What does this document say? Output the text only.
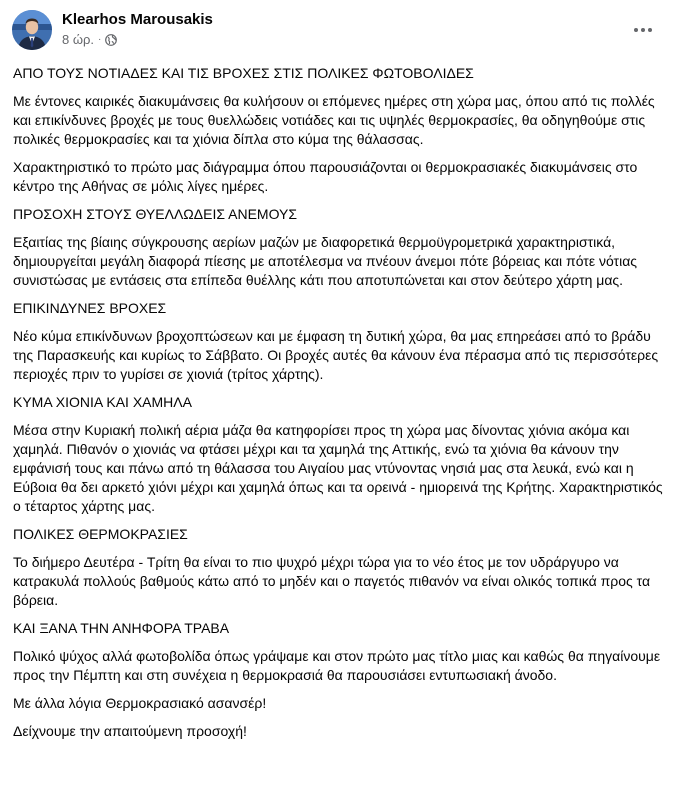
Klearhos Marousakis
8 ώρ. ·

ΑΠΟ ΤΟΥΣ ΝΟΤΙΑΔΕΣ ΚΑΙ ΤΙΣ ΒΡΟΧΕΣ ΣΤΙΣ ΠΟΛΙΚΕΣ ΦΩΤΟΒΟΛΙΔΕΣ

Με έντονες καιρικές διακυμάνσεις θα κυλήσουν οι επόμενες ημέρες στη χώρα μας, όπου από τις πολλές και επικίνδυνες βροχές με τους θυελλώδεις νοτιάδες και τις υψηλές θερμοκρασίες, θα οδηγηθούμε στις πολικές θερμοκρασίες και τα χιόνια δίπλα στο κύμα της θάλασσας.

Χαρακτηριστικό το πρώτο μας διάγραμμα όπου παρουσιάζονται οι θερμοκρασιακές διακυμάνσεις στο κέντρο της Αθήνας σε μόλις λίγες ημέρες.

ΠΡΟΣΟΧΗ ΣΤΟΥΣ ΘΥΕΛΛΩΔΕΙΣ ΑΝΕΜΟΥΣ

Εξαιτίας της βίαιης σύγκρουσης αερίων μαζών με διαφορετικά θερμοϋγρομετρικά χαρακτηριστικά, δημιουργείται μεγάλη διαφορά πίεσης με αποτέλεσμα να πνέουν άνεμοι πότε βόρειας και πότε νότιας συνιστώσας με εντάσεις στα επίπεδα θυέλλης κάτι που αποτυπώνεται και στον δεύτερο χάρτη μας.

ΕΠΙΚΙΝΔΥΝΕΣ ΒΡΟΧΕΣ

Νέο κύμα επικίνδυνων βροχοπτώσεων και με έμφαση τη δυτική χώρα, θα μας επηρεάσει από το βράδυ της Παρασκευής και κυρίως το Σάββατο. Οι βροχές αυτές θα κάνουν ένα πέρασμα από τις περισσότερες περιοχές πριν το γυρίσει σε χιονιά (τρίτος χάρτης).

ΚΥΜΑ ΧΙΟΝΙΑ ΚΑΙ ΧΑΜΗΛΑ

Μέσα στην Κυριακή πολική αέρια μάζα θα κατηφορίσει προς τη χώρα μας δίνοντας χιόνια ακόμα και χαμηλά. Πιθανόν ο χιονιάς να φτάσει μέχρι και τα χαμηλά της Αττικής, ενώ τα χιόνια θα κάνουν την εμφάνισή τους και πάνω από τη θάλασσα του Αιγαίου μας ντύνοντας νησιά μας στα λευκά, ενώ και η Εύβοια θα δει αρκετό χιόνι μέχρι και χαμηλά όπως και τα ορεινά - ημιορεινά της Κρήτης. Χαρακτηριστικός ο τέταρτος χάρτης μας.

ΠΟΛΙΚΕΣ ΘΕΡΜΟΚΡΑΣΙΕΣ

Το διήμερο Δευτέρα - Τρίτη θα είναι το πιο ψυχρό μέχρι τώρα για το νέο έτος με τον υδράργυρο να κατρακυλά πολλούς βαθμούς κάτω από το μηδέν και ο παγετός πιθανόν να είναι ολικός τοπικά προς τα βόρεια.

ΚΑΙ ΞΑΝΑ ΤΗΝ ΑΝΗΦΟΡΑ ΤΡΑΒΑ

Πολικό ψύχος αλλά φωτοβολίδα όπως γράψαμε και στον πρώτο μας τίτλο μιας και καθώς θα πηγαίνουμε προς την Πέμπτη και στη συνέχεια η θερμοκρασιά θα παρουσιάσει εντυπωσιακή άνοδο.

Με άλλα λόγια Θερμοκρασιακό ασανσέρ!

Δείχνουμε την απαιτούμενη προσοχή!
